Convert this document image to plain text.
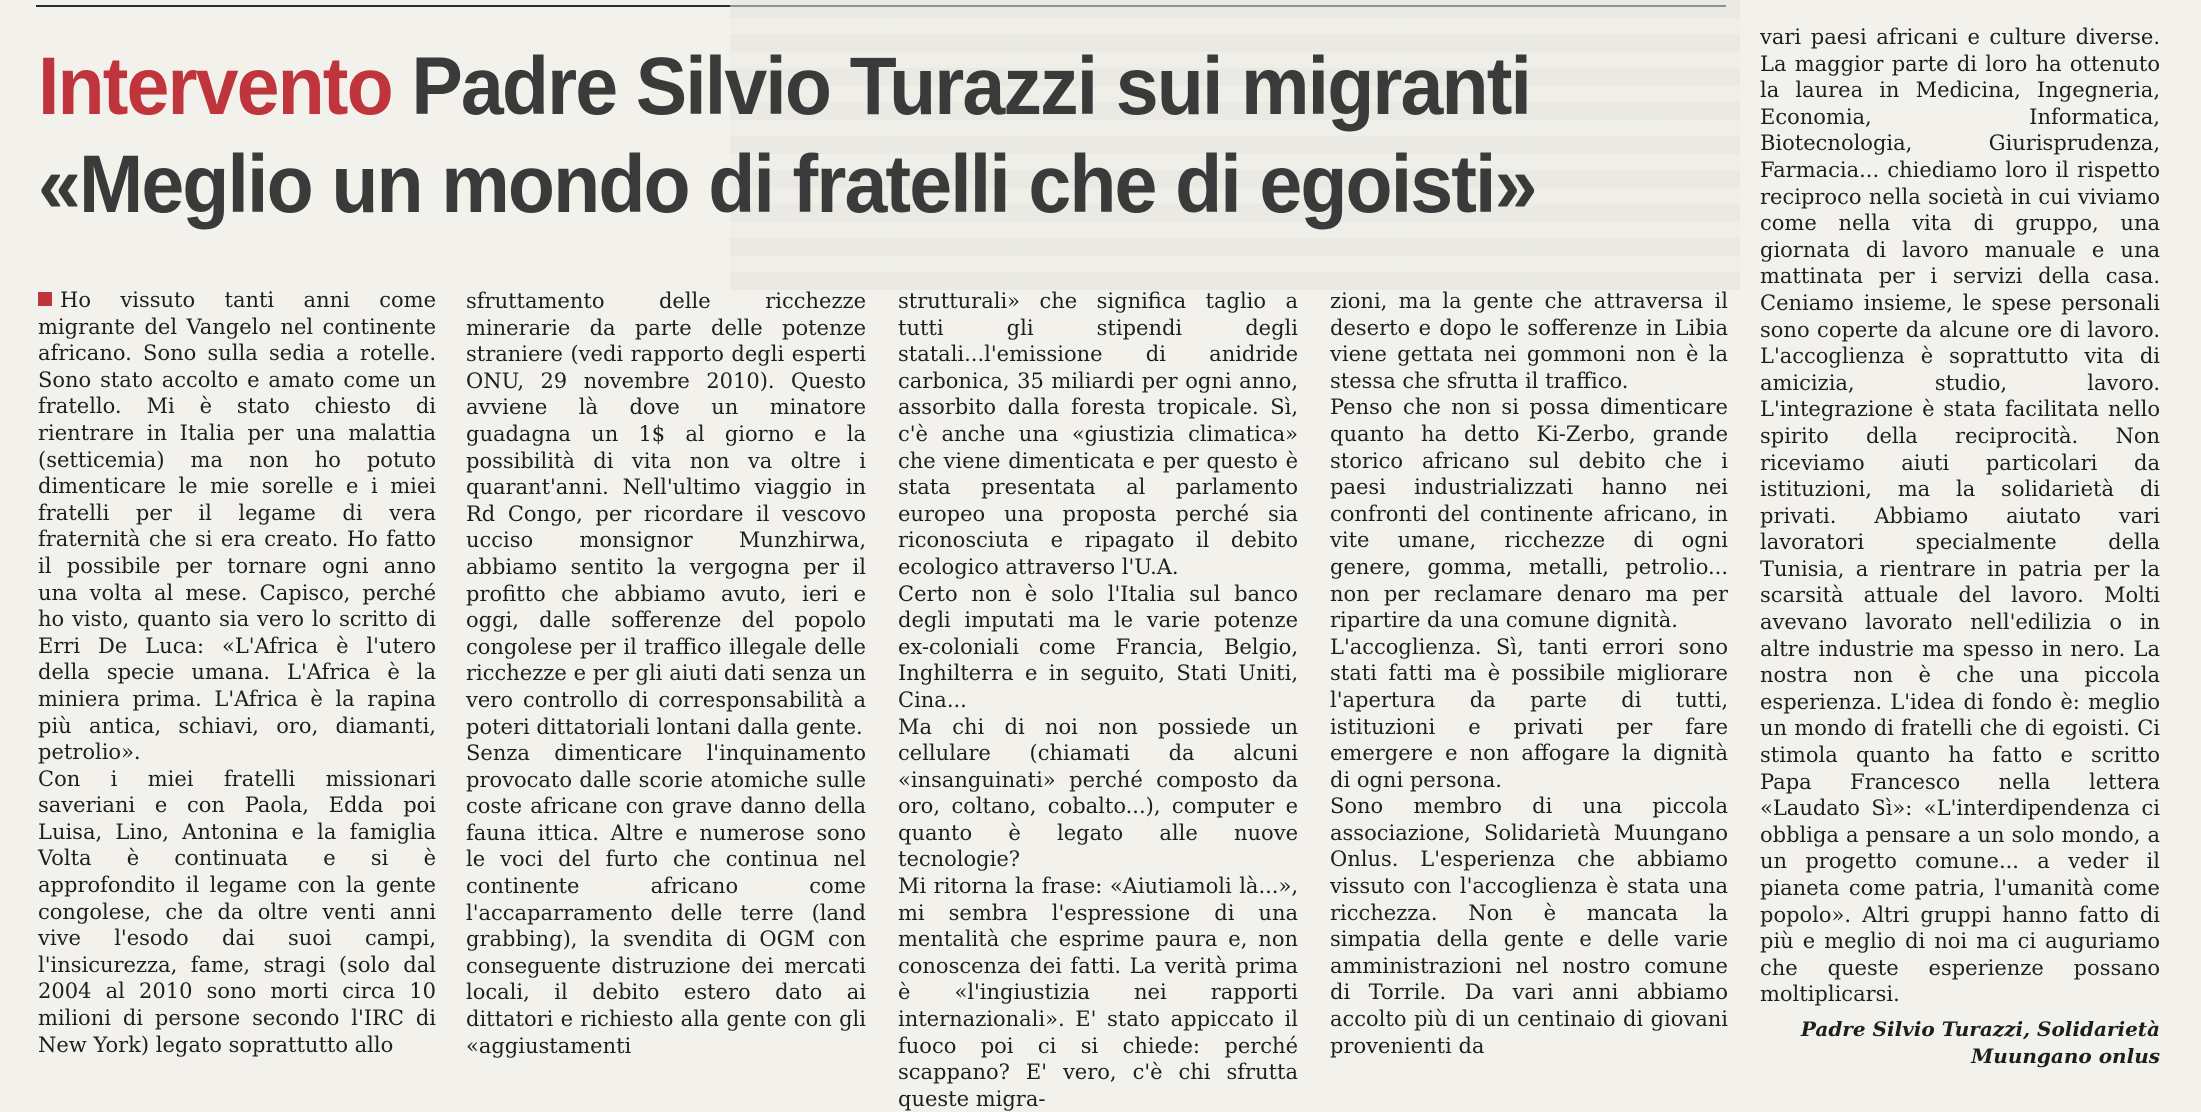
Intervento Padre Silvio Turazzi sui migranti
«Meglio un mondo di fratelli che di egoisti»

Ho vissuto tanti anni come migrante del Vangelo nel continente africano. Sono sulla sedia a rotelle. Sono stato accolto e amato come un fratello. Mi è stato chiesto di rientrare in Italia per una malattia (setticemia) ma non ho potuto dimenticare le mie sorelle e i miei fratelli per il legame di vera fraternità che si era creato. Ho fatto il possibile per tornare ogni anno una volta al mese. Capisco, perché ho visto, quanto sia vero lo scritto di Erri De Luca: «L'Africa è l'utero della specie umana. L'Africa è la miniera prima. L'Africa è la rapina più antica, schiavi, oro, diamanti, petrolio».

Con i miei fratelli missionari saveriani e con Paola, Edda poi Luisa, Lino, Antonina e la famiglia Volta è continuata e si è approfondito il legame con la gente congolese, che da oltre venti anni vive l'esodo dai suoi campi, l'insicurezza, fame, stragi (solo dal 2004 al 2010 sono morti circa 10 milioni di persone secondo l'IRC di New York) legato soprattutto allo

sfruttamento delle ricchezze minerarie da parte delle potenze straniere (vedi rapporto degli esperti ONU, 29 novembre 2010). Questo avviene là dove un minatore guadagna un 1$ al giorno e la possibilità di vita non va oltre i quarant'anni. Nell'ultimo viaggio in Rd Congo, per ricordare il vescovo ucciso monsignor Munzhirwa, abbiamo sentito la vergogna per il profitto che abbiamo avuto, ieri e oggi, dalle sofferenze del popolo congolese per il traffico illegale delle ricchezze e per gli aiuti dati senza un vero controllo di corresponsabilità a poteri dittatoriali lontani dalla gente.

Senza dimenticare l'inquinamento provocato dalle scorie atomiche sulle coste africane con grave danno della fauna ittica. Altre e numerose sono le voci del furto che continua nel continente africano come l'accaparramento delle terre (land grabbing), la svendita di OGM con conseguente distruzione dei mercati locali, il debito estero dato ai dittatori e richiesto alla gente con gli «aggiustamenti

strutturali» che significa taglio a tutti gli stipendi degli statali...l'emissione di anidride carbonica, 35 miliardi per ogni anno, assorbito dalla foresta tropicale. Sì, c'è anche una «giustizia climatica» che viene dimenticata e per questo è stata presentata al parlamento europeo una proposta perché sia riconosciuta e ripagato il debito ecologico attraverso l'U.A.

Certo non è solo l'Italia sul banco degli imputati ma le varie potenze ex-coloniali come Francia, Belgio, Inghilterra e in seguito, Stati Uniti, Cina...

Ma chi di noi non possiede un cellulare (chiamati da alcuni «insanguinati» perché composto da oro, coltano, cobalto...), computer e quanto è legato alle nuove tecnologie?

Mi ritorna la frase: «Aiutiamoli là...», mi sembra l'espressione di una mentalità che esprime paura e, non conoscenza dei fatti. La verità prima è «l'ingiustizia nei rapporti internazionali». E' stato appiccato il fuoco poi ci si chiede: perché scappano? E' vero, c'è chi sfrutta queste migra-

zioni, ma la gente che attraversa il deserto e dopo le sofferenze in Libia viene gettata nei gommoni non è la stessa che sfrutta il traffico.

Penso che non si possa dimenticare quanto ha detto Ki-Zerbo, grande storico africano sul debito che i paesi industrializzati hanno nei confronti del continente africano, in vite umane, ricchezze di ogni genere, gomma, metalli, petrolio... non per reclamare denaro ma per ripartire da una comune dignità.

L'accoglienza. Sì, tanti errori sono stati fatti ma è possibile migliorare l'apertura da parte di tutti, istituzioni e privati per fare emergere e non affogare la dignità di ogni persona.

Sono membro di una piccola associazione, Solidarietà Muungano Onlus. L'esperienza che abbiamo vissuto con l'accoglienza è stata una ricchezza. Non è mancata la simpatia della gente e delle varie amministrazioni nel nostro comune di Torrile. Da vari anni abbiamo accolto più di un centinaio di giovani provenienti da

vari paesi africani e culture diverse. La maggior parte di loro ha ottenuto la laurea in Medicina, Ingegneria, Economia, Informatica, Biotecnologia, Giurisprudenza, Farmacia... chiediamo loro il rispetto reciproco nella società in cui viviamo come nella vita di gruppo, una giornata di lavoro manuale e una mattinata per i servizi della casa. Ceniamo insieme, le spese personali sono coperte da alcune ore di lavoro. L'accoglienza è soprattutto vita di amicizia, studio, lavoro. L'integrazione è stata facilitata nello spirito della reciprocità. Non riceviamo aiuti particolari da istituzioni, ma la solidarietà di privati. Abbiamo aiutato vari lavoratori specialmente della Tunisia, a rientrare in patria per la scarsità attuale del lavoro. Molti avevano lavorato nell'edilizia o in altre industrie ma spesso in nero. La nostra non è che una piccola esperienza. L'idea di fondo è: meglio un mondo di fratelli che di egoisti. Ci stimola quanto ha fatto e scritto Papa Francesco nella lettera «Laudato Sì»: «L'interdipendenza ci obbliga a pensare a un solo mondo, a un progetto comune... a veder il pianeta come patria, l'umanità come popolo». Altri gruppi hanno fatto di più e meglio di noi ma ci auguriamo che queste esperienze possano moltiplicarsi.

Padre Silvio Turazzi, Solidarietà
Muungano onlus
